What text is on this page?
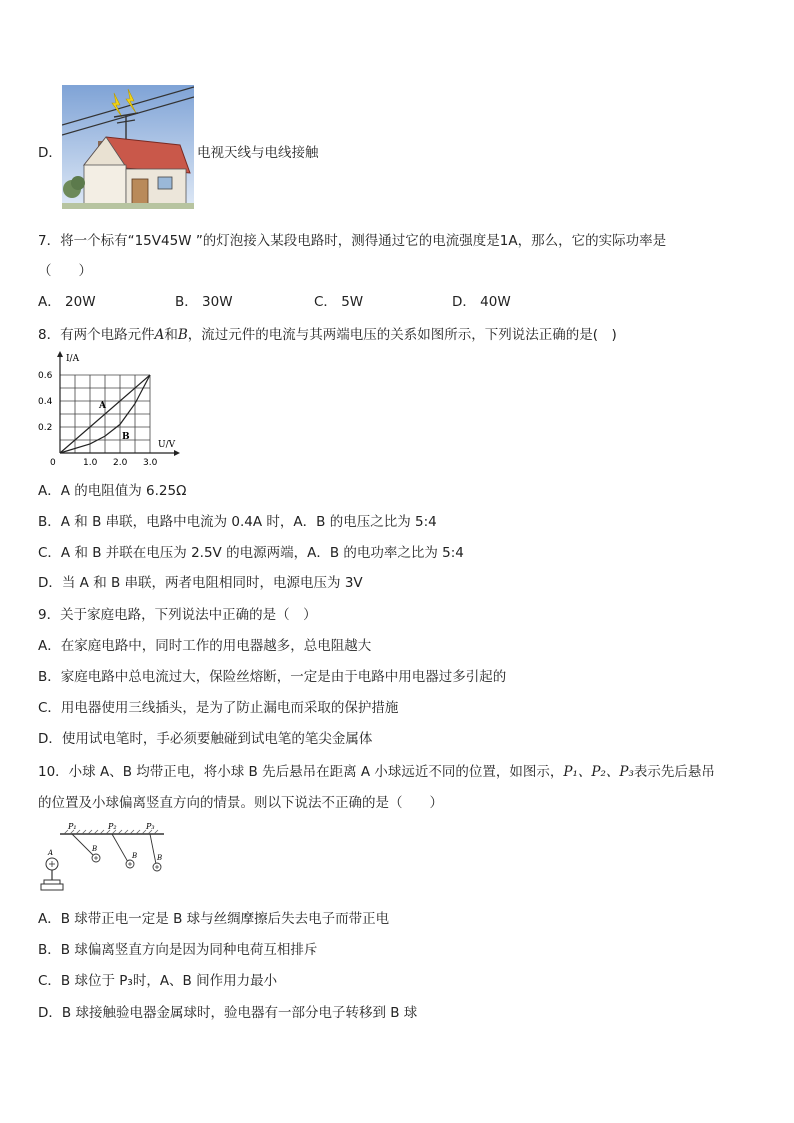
D．	电视天线与电线接触
7．将一个标有“15V45W ”的灯泡接入某段电路时，测得通过它的电流强度是1A，那么，它的实际功率是
（　　）
A． 20W	B． 30W	C． 5W	D． 40W
8．有两个电路元件A和B，流过元件的电流与其两端电压的关系如图所示，下列说法正确的是(　)
A
B
1.0 2.0 3.0
0.2
0.4
0.6
0
I/A
U/V
A．A 的电阻值为 6.25Ω
B．A 和 B 串联，电路中电流为 0.4A 时，A．B 的电压之比为 5:4
C．A 和 B 并联在电压为 2.5V 的电源两端，A．B 的电功率之比为 5:4
D．当 A 和 B 串联，两者电阻相同时，电源电压为 3V
9．关于家庭电路，下列说法中正确的是（　）
A．在家庭电路中，同时工作的用电器越多，总电阻越大
B．家庭电路中总电流过大，保险丝熔断，一定是由于电路中用电器过多引起的
C．用电器使用三线插头，是为了防止漏电而采取的保护措施
D．使用试电笔时，手必须要触碰到试电笔的笔尖金属体
10．小球 A、B 均带正电，将小球 B 先后悬吊在距离 A 小球远近不同的位置，如图示，P₁、P₂、P₃表示先后悬吊
的位置及小球偏离竖直方向的情景。则以下说法不正确的是（　　）
P₁	P₂	P₃
B
B	B
A
A．B 球带正电一定是 B 球与丝绸摩擦后失去电子而带正电
B．B 球偏离竖直方向是因为同种电荷互相排斥
C．B 球位于 P₃时，A、B 间作用力最小
D．B 球接触验电器金属球时，验电器有一部分电子转移到 B 球
